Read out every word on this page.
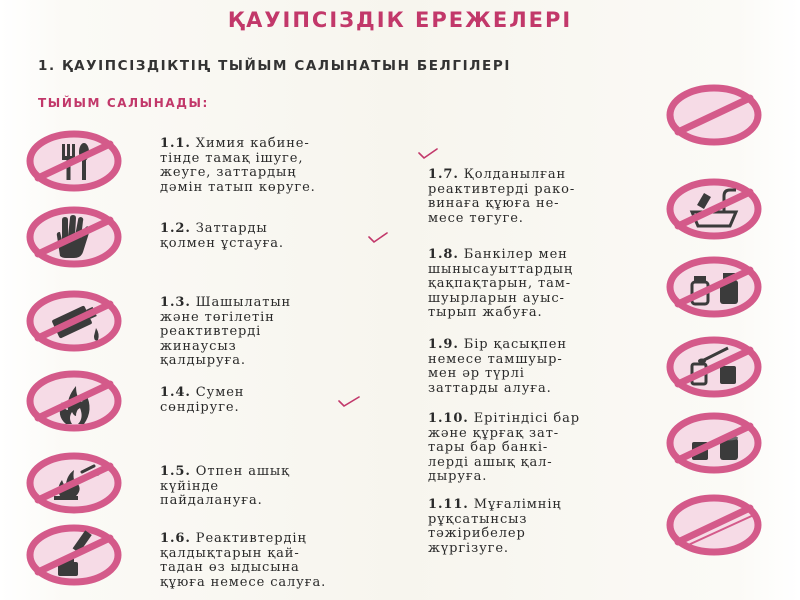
ҚАУІПСІЗДІК ЕРЕЖЕЛЕРІ
1. ҚАУІПСІЗДІКТІҢ ТЫЙЫМ САЛЫНАТЫН БЕЛГІЛЕРІ
ТЫЙЫМ САЛЫНАДЫ:
1.1. Химия кабине-
тінде тамақ ішуге,
жеуге, заттардың
дәмін татып көруге.
1.2. Заттарды
қолмен ұстауға.
1.3. Шашылатын
және төгілетін
реактивтерді
жинаусыз
қалдыруға.
1.4. Сумен
сөндіруге.
1.5. Отпен ашық
күйінде
пайдалануға.
1.6. Реактивтердің
қалдықтарын қай-
тадан өз ыдысына
құюға немесе салуға.
1.7. Қолданылған
реактивтерді рако-
винаға құюға не-
месе төгуге.
1.8. Банкілер мен
шынысауыттардың
қақпақтарын, там-
шуырларын ауыс-
тырып жабуға.
1.9. Бір қасықпен
немесе тамшуыр-
мен әр түрлі
заттарды алуға.
1.10. Ерітіндісі бар
және құрғақ зат-
тары бар банкі-
лерді ашық қал-
дыруға.
1.11. Мұғалімнің
рұқсатынсыз
тәжірибелер
жүргізуге.
